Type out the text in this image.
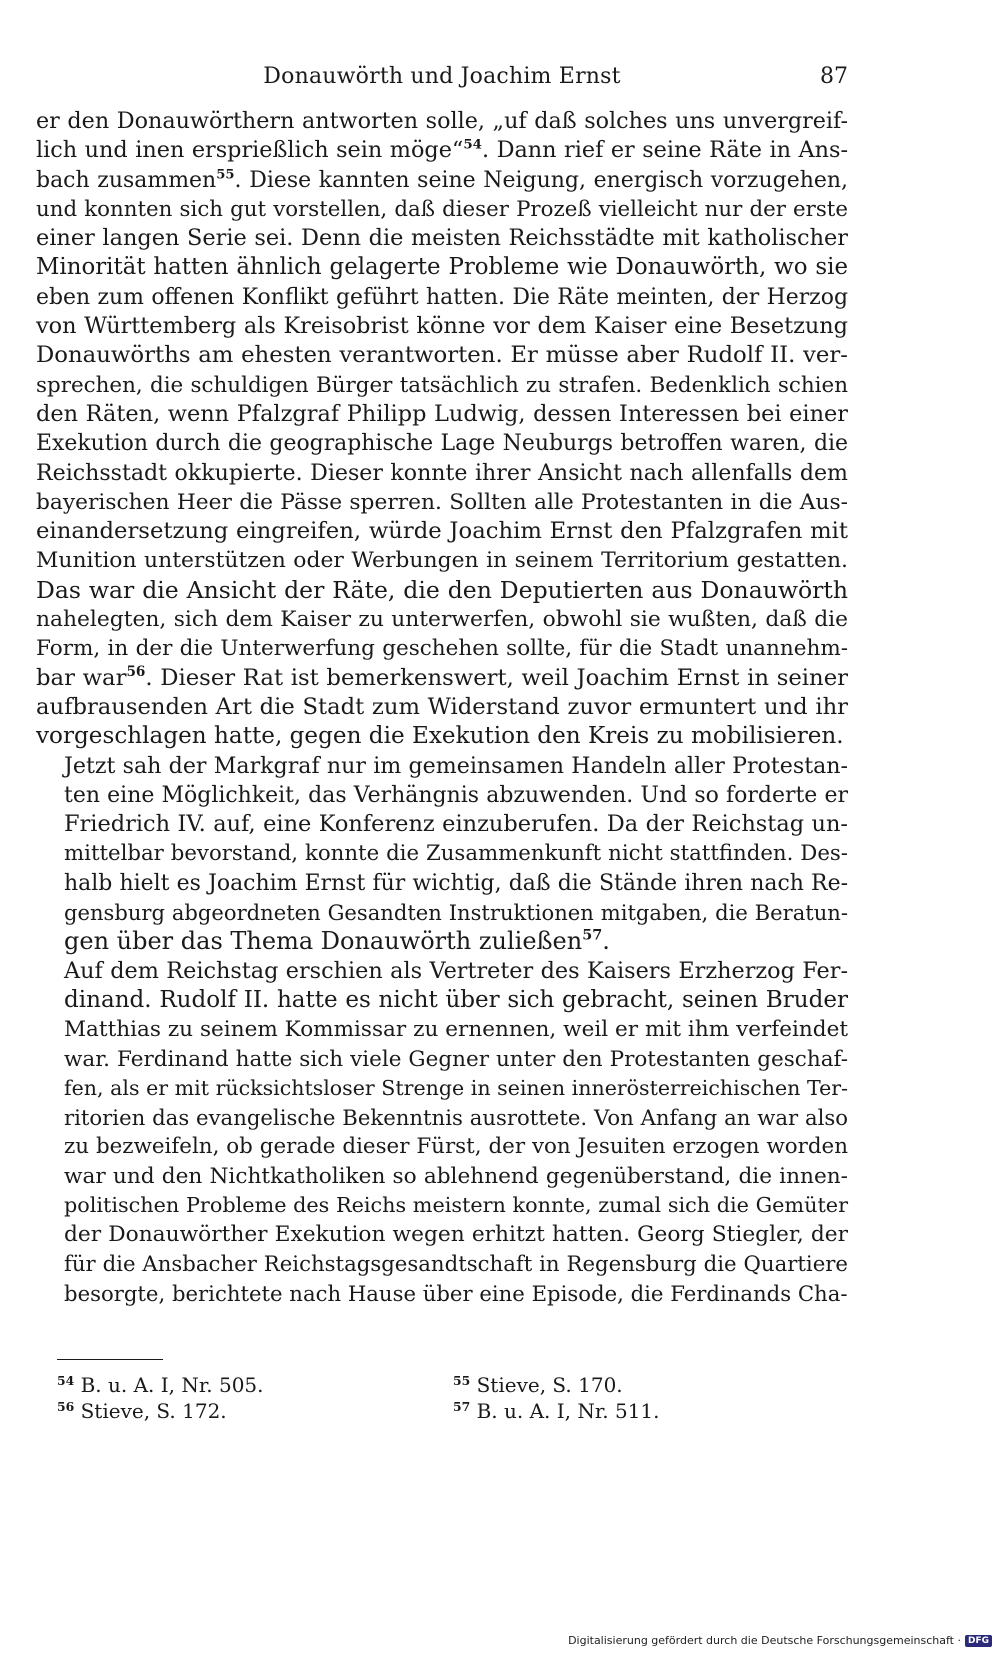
Donauwörth und Joachim Ernst	87
er den Donauwörthern antworten solle, „uf daß solches uns unvergreif-
lich und inen ersprießlich sein möge“$^{54}$. Dann rief er seine Räte in Ans-
bach zusammen$^{55}$. Diese kannten seine Neigung, energisch vorzugehen,
und konnten sich gut vorstellen, daß dieser Prozeß vielleicht nur der erste
einer langen Serie sei. Denn die meisten Reichsstädte mit katholischer
Minorität hatten ähnlich gelagerte Probleme wie Donauwörth, wo sie
eben zum offenen Konflikt geführt hatten. Die Räte meinten, der Herzog
von Württemberg als Kreisobrist könne vor dem Kaiser eine Besetzung
Donauwörths am ehesten verantworten. Er müsse aber Rudolf II. ver-
sprechen, die schuldigen Bürger tatsächlich zu strafen. Bedenklich schien
den Räten, wenn Pfalzgraf Philipp Ludwig, dessen Interessen bei einer
Exekution durch die geographische Lage Neuburgs betroffen waren, die
Reichsstadt okkupierte. Dieser konnte ihrer Ansicht nach allenfalls dem
bayerischen Heer die Pässe sperren. Sollten alle Protestanten in die Aus-
einandersetzung eingreifen, würde Joachim Ernst den Pfalzgrafen mit
Munition unterstützen oder Werbungen in seinem Territorium gestatten.
Das war die Ansicht der Räte, die den Deputierten aus Donauwörth
nahelegten, sich dem Kaiser zu unterwerfen, obwohl sie wußten, daß die
Form, in der die Unterwerfung geschehen sollte, für die Stadt unannehm-
bar war$^{56}$. Dieser Rat ist bemerkenswert, weil Joachim Ernst in seiner
aufbrausenden Art die Stadt zum Widerstand zuvor ermuntert und ihr
vorgeschlagen hatte, gegen die Exekution den Kreis zu mobilisieren.
Jetzt sah der Markgraf nur im gemeinsamen Handeln aller Protestan-
ten eine Möglichkeit, das Verhängnis abzuwenden. Und so forderte er
Friedrich IV. auf, eine Konferenz einzuberufen. Da der Reichstag un-
mittelbar bevorstand, konnte die Zusammenkunft nicht stattfinden. Des-
halb hielt es Joachim Ernst für wichtig, daß die Stände ihren nach Re-
gensburg abgeordneten Gesandten Instruktionen mitgaben, die Beratun-
gen über das Thema Donauwörth zuließen$^{57}$.
Auf dem Reichstag erschien als Vertreter des Kaisers Erzherzog Fer-
dinand. Rudolf II. hatte es nicht über sich gebracht, seinen Bruder
Matthias zu seinem Kommissar zu ernennen, weil er mit ihm verfeindet
war. Ferdinand hatte sich viele Gegner unter den Protestanten geschaf-
fen, als er mit rücksichtsloser Strenge in seinen innerösterreichischen Ter-
ritorien das evangelische Bekenntnis ausrottete. Von Anfang an war also
zu bezweifeln, ob gerade dieser Fürst, der von Jesuiten erzogen worden
war und den Nichtkatholiken so ablehnend gegenüberstand, die innen-
politischen Probleme des Reichs meistern konnte, zumal sich die Gemüter
der Donauwörther Exekution wegen erhitzt hatten. Georg Stiegler, der
für die Ansbacher Reichstagsgesandtschaft in Regensburg die Quartiere
besorgte, berichtete nach Hause über eine Episode, die Ferdinands Cha-
$^{54}$ B. u. A. I, Nr. 505.	$^{55}$ Stieve, S. 170.
$^{56}$ Stieve, S. 172.	$^{57}$ B. u. A. I, Nr. 511.
Digitalisierung gefördert durch die Deutsche Forschungsgemeinschaft · DFG
